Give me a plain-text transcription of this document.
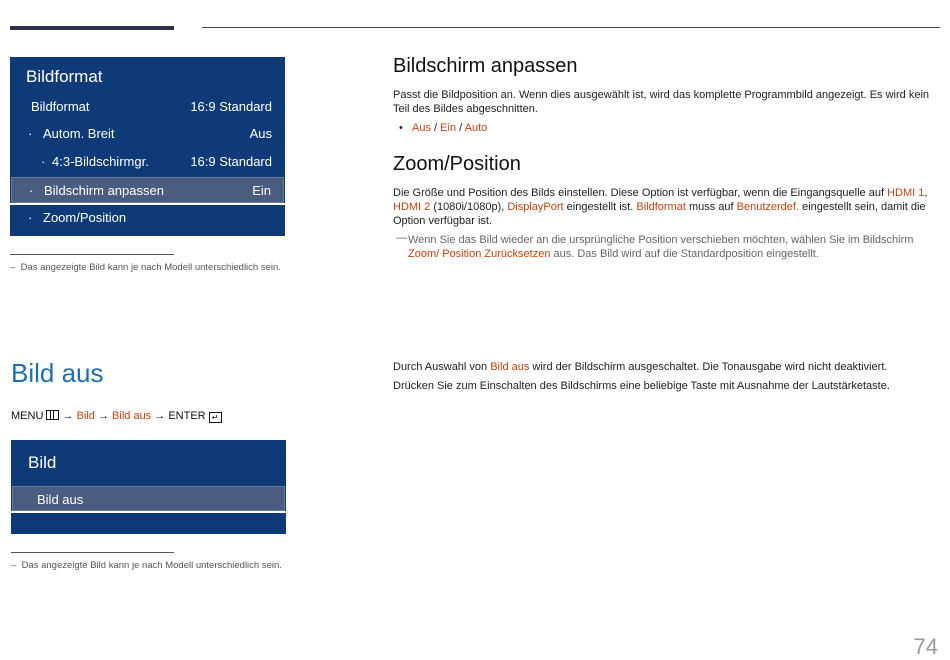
Bildformat
Bildformat	16:9 Standard
· Autom. Breit	Aus
· 4:3-Bildschirmgr.	16:9 Standard
· Bildschirm anpassen	Ein
· Zoom/Position
–  Das angezeigte Bild kann je nach Modell unterschiedlich sein.
Bildschirm anpassen
Passt die Bildposition an. Wenn dies ausgewählt ist, wird das komplette Programmbild angezeigt. Es wird kein Teil des Bildes abgeschnitten.
•   Aus / Ein / Auto
Zoom/Position
Die Größe und Position des Bilds einstellen. Diese Option ist verfügbar, wenn die Eingangsquelle auf HDMI 1, HDMI 2 (1080i/1080p), DisplayPort eingestellt ist. Bildformat muss auf Benutzerdef. eingestellt sein, damit die Option verfügbar ist.
— Wenn Sie das Bild wieder an die ursprüngliche Position verschieben möchten, wählen Sie im Bildschirm Zoom/ Position Zurücksetzen aus. Das Bild wird auf die Standardposition eingestellt.
Bild aus
MENU → Bild → Bild aus → ENTER ↵
Bild
Bild aus
–  Das angezeigte Bild kann je nach Modell unterschiedlich sein.
Durch Auswahl von Bild aus wird der Bildschirm ausgeschaltet. Die Tonausgabe wird nicht deaktiviert.
Drücken Sie zum Einschalten des Bildschirms eine beliebige Taste mit Ausnahme der Lautstärketaste.
74
